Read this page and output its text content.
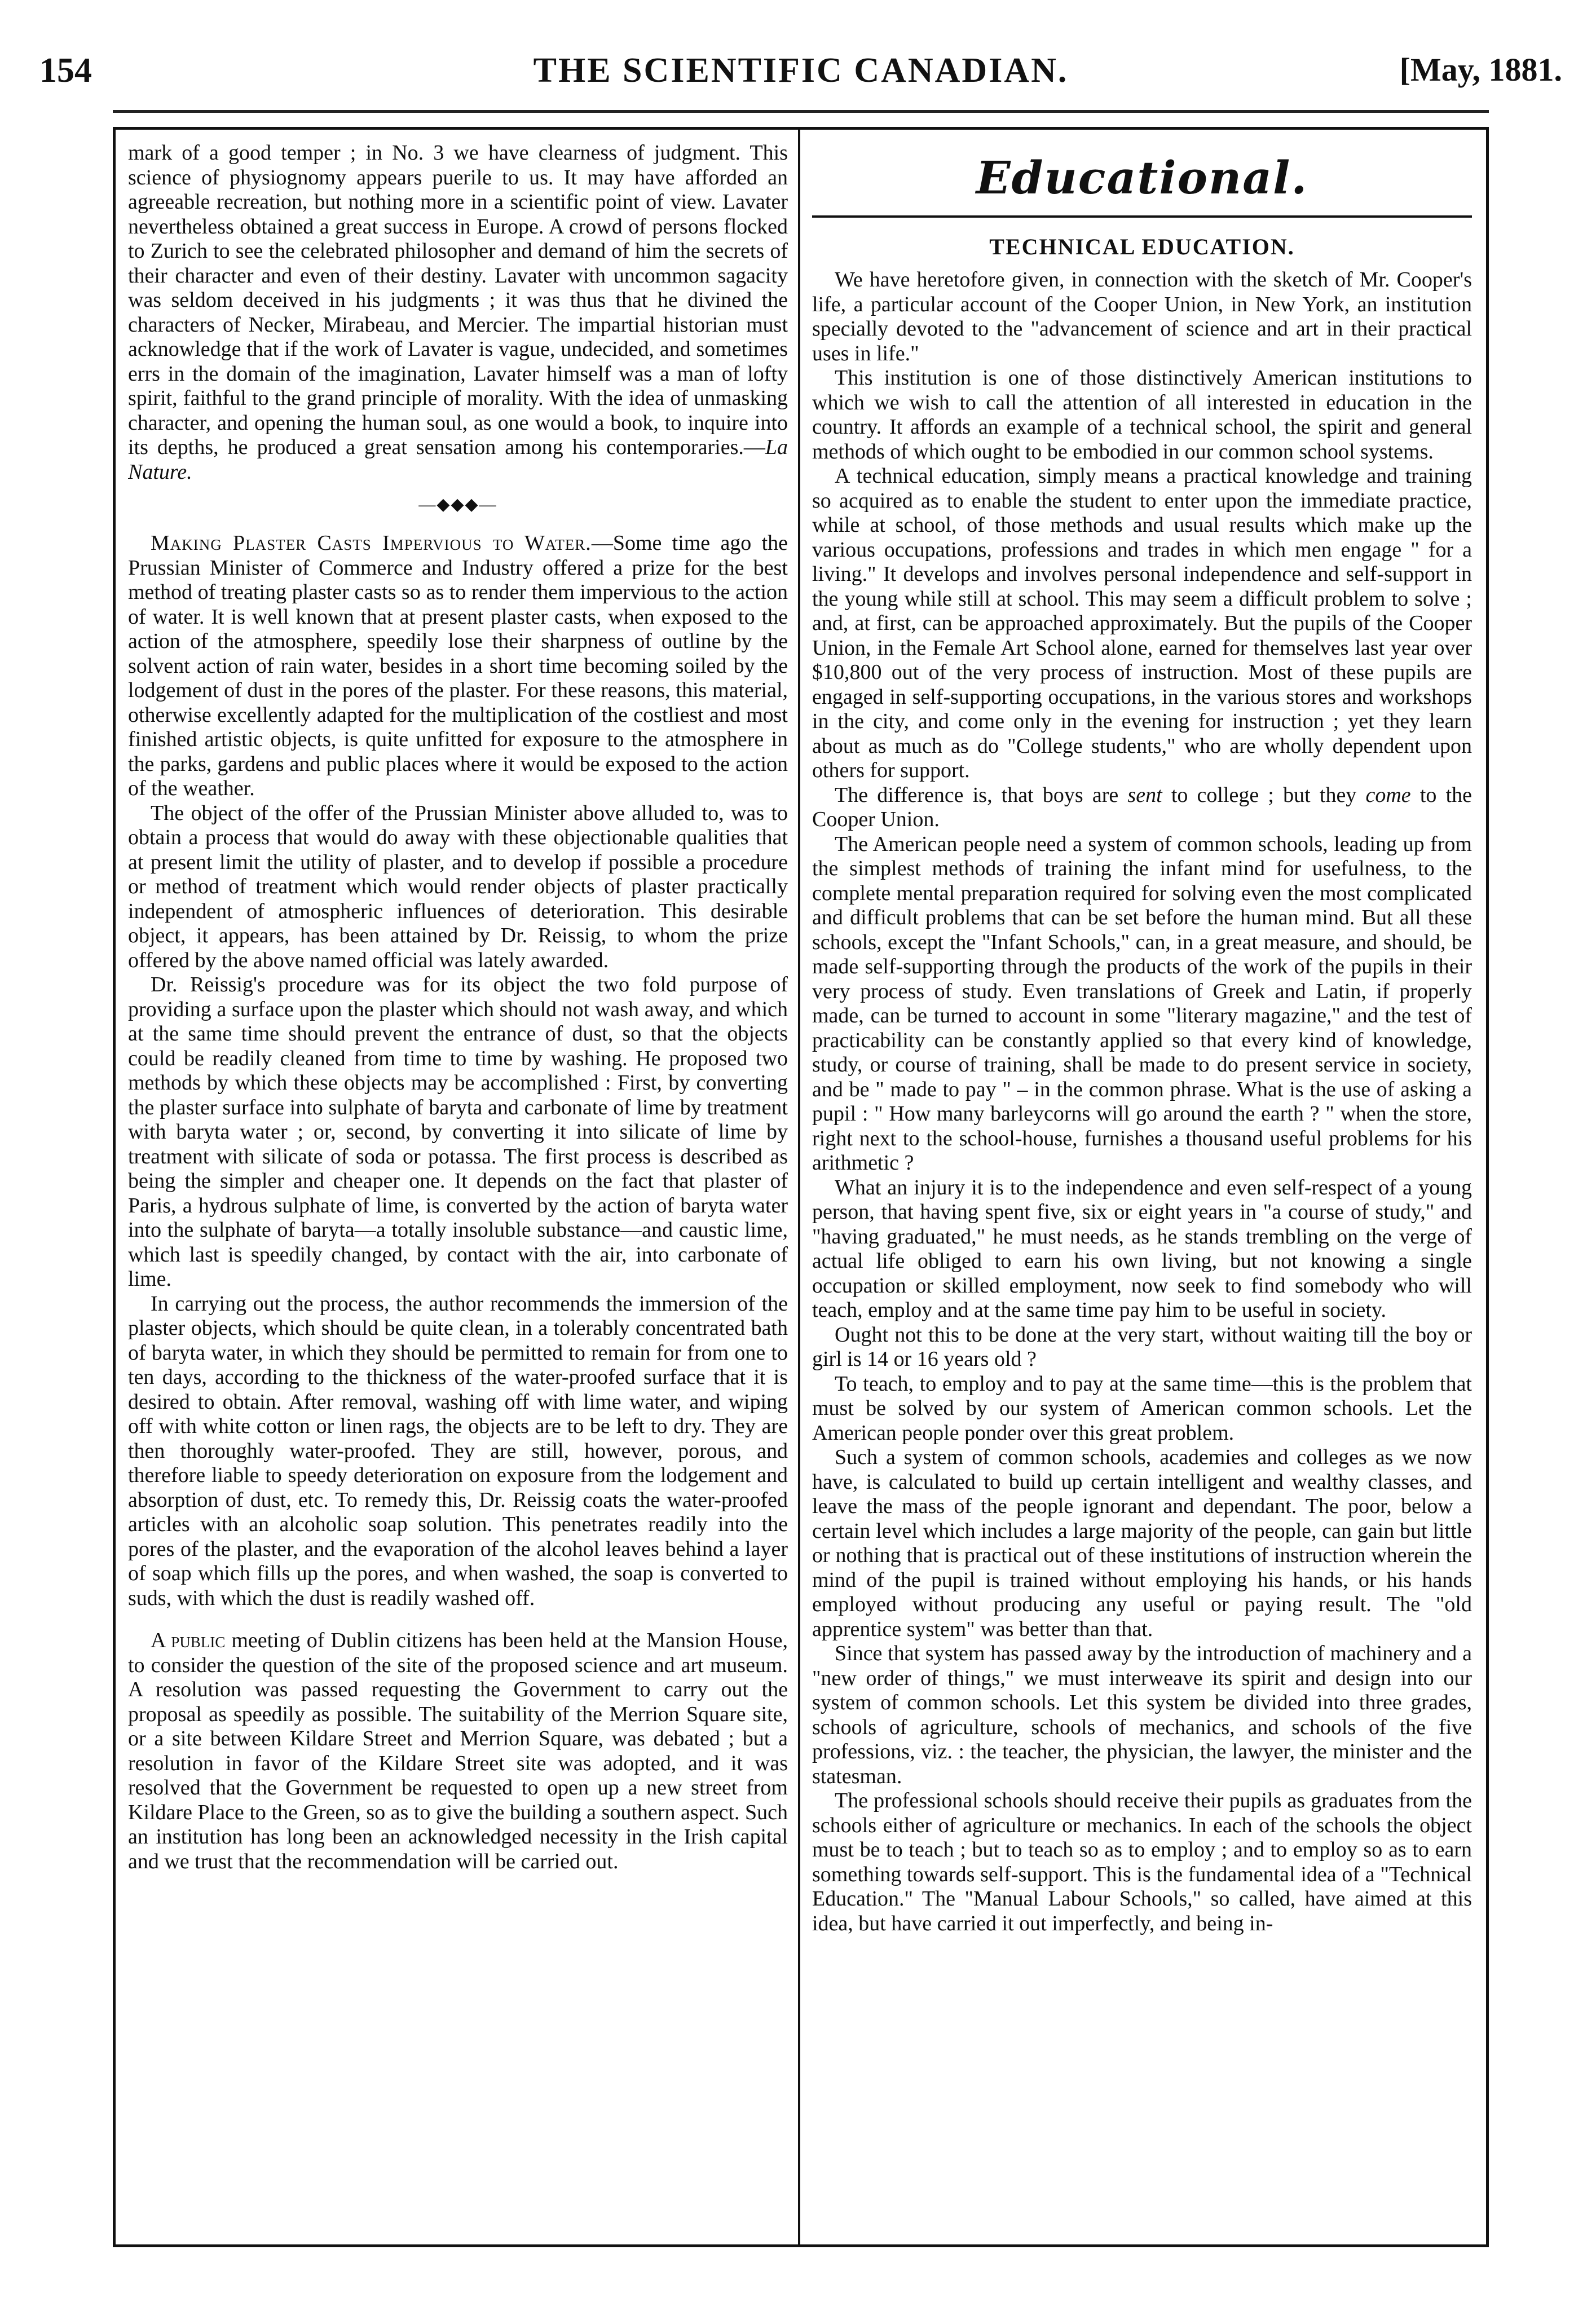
154	THE SCIENTIFIC CANADIAN.	[May, 1881.

mark of a good temper ; in No. 3 we have clearness of judgment. This science of physiognomy appears puerile to us. It may have afforded an agreeable recreation, but nothing more in a scientific point of view. Lavater nevertheless obtained a great success in Europe. A crowd of persons flocked to Zurich to see the celebrated philosopher and demand of him the secrets of their character and even of their destiny. Lavater with uncommon sagacity was seldom deceived in his judgments ; it was thus that he divined the characters of Necker, Mirabeau, and Mercier. The impartial historian must acknowledge that if the work of Lavater is vague, undecided, and sometimes errs in the domain of the imagination, Lavater himself was a man of lofty spirit, faithful to the grand principle of morality. With the idea of unmasking character, and opening the human soul, as one would a book, to inquire into its depths, he produced a great sensation among his contemporaries.—La Nature.

—◆◆◆—

Making Plaster Casts Impervious to Water.—Some time ago the Prussian Minister of Commerce and Industry offered a prize for the best method of treating plaster casts so as to render them impervious to the action of water. It is well known that at present plaster casts, when exposed to the action of the atmosphere, speedily lose their sharpness of outline by the solvent action of rain water, besides in a short time becoming soiled by the lodgement of dust in the pores of the plaster. For these reasons, this material, otherwise excellently adapted for the multiplication of the costliest and most finished artistic objects, is quite unfitted for exposure to the atmosphere in the parks, gardens and public places where it would be exposed to the action of the weather.

The object of the offer of the Prussian Minister above alluded to, was to obtain a process that would do away with these objectionable qualities that at present limit the utility of plaster, and to develop if possible a procedure or method of treatment which would render objects of plaster practically independent of atmospheric influences of deterioration. This desirable object, it appears, has been attained by Dr. Reissig, to whom the prize offered by the above named official was lately awarded.

Dr. Reissig's procedure was for its object the two fold purpose of providing a surface upon the plaster which should not wash away, and which at the same time should prevent the entrance of dust, so that the objects could be readily cleaned from time to time by washing. He proposed two methods by which these objects may be accomplished : First, by converting the plaster surface into sulphate of baryta and carbonate of lime by treatment with baryta water ; or, second, by converting it into silicate of lime by treatment with silicate of soda or potassa. The first process is described as being the simpler and cheaper one. It depends on the fact that plaster of Paris, a hydrous sulphate of lime, is converted by the action of baryta water into the sulphate of baryta—a totally insoluble substance—and caustic lime, which last is speedily changed, by contact with the air, into carbonate of lime.

In carrying out the process, the author recommends the immersion of the plaster objects, which should be quite clean, in a tolerably concentrated bath of baryta water, in which they should be permitted to remain for from one to ten days, according to the thickness of the water-proofed surface that it is desired to obtain. After removal, washing off with lime water, and wiping off with white cotton or linen rags, the objects are to be left to dry. They are then thoroughly water-proofed. They are still, however, porous, and therefore liable to speedy deterioration on exposure from the lodgement and absorption of dust, etc. To remedy this, Dr. Reissig coats the water-proofed articles with an alcoholic soap solution. This penetrates readily into the pores of the plaster, and the evaporation of the alcohol leaves behind a layer of soap which fills up the pores, and when washed, the soap is converted to suds, with which the dust is readily washed off.

A public meeting of Dublin citizens has been held at the Mansion House, to consider the question of the site of the proposed science and art museum. A resolution was passed requesting the Government to carry out the proposal as speedily as possible. The suitability of the Merrion Square site, or a site between Kildare Street and Merrion Square, was debated ; but a resolution in favor of the Kildare Street site was adopted, and it was resolved that the Government be requested to open up a new street from Kildare Place to the Green, so as to give the building a southern aspect. Such an institution has long been an acknowledged necessity in the Irish capital and we trust that the recommendation will be carried out.

Educational.
TECHNICAL EDUCATION.

We have heretofore given, in connection with the sketch of Mr. Cooper's life, a particular account of the Cooper Union, in New York, an institution specially devoted to the "advancement of science and art in their practical uses in life."

This institution is one of those distinctively American institutions to which we wish to call the attention of all interested in education in the country. It affords an example of a technical school, the spirit and general methods of which ought to be embodied in our common school systems.

A technical education, simply means a practical knowledge and training so acquired as to enable the student to enter upon the immediate practice, while at school, of those methods and usual results which make up the various occupations, professions and trades in which men engage " for a living." It develops and involves personal independence and self-support in the young while still at school. This may seem a difficult problem to solve ; and, at first, can be approached approximately. But the pupils of the Cooper Union, in the Female Art School alone, earned for themselves last year over $10,800 out of the very process of instruction. Most of these pupils are engaged in self-supporting occupations, in the various stores and workshops in the city, and come only in the evening for instruction ; yet they learn about as much as do "College students," who are wholly dependent upon others for support.

The difference is, that boys are sent to college ; but they come to the Cooper Union.

The American people need a system of common schools, leading up from the simplest methods of training the infant mind for usefulness, to the complete mental preparation required for solving even the most complicated and difficult problems that can be set before the human mind. But all these schools, except the "Infant Schools," can, in a great measure, and should, be made self-supporting through the products of the work of the pupils in their very process of study. Even translations of Greek and Latin, if properly made, can be turned to account in some "literary magazine," and the test of practicability can be constantly applied so that every kind of knowledge, study, or course of training, shall be made to do present service in society, and be " made to pay " – in the common phrase. What is the use of asking a pupil : " How many barleycorns will go around the earth ? " when the store, right next to the school-house, furnishes a thousand useful problems for his arithmetic ?

What an injury it is to the independence and even self-respect of a young person, that having spent five, six or eight years in "a course of study," and "having graduated," he must needs, as he stands trembling on the verge of actual life obliged to earn his own living, but not knowing a single occupation or skilled employment, now seek to find somebody who will teach, employ and at the same time pay him to be useful in society.

Ought not this to be done at the very start, without waiting till the boy or girl is 14 or 16 years old ?

To teach, to employ and to pay at the same time—this is the problem that must be solved by our system of American common schools. Let the American people ponder over this great problem.

Such a system of common schools, academies and colleges as we now have, is calculated to build up certain intelligent and wealthy classes, and leave the mass of the people ignorant and dependant. The poor, below a certain level which includes a large majority of the people, can gain but little or nothing that is practical out of these institutions of instruction wherein the mind of the pupil is trained without employing his hands, or his hands employed without producing any useful or paying result. The "old apprentice system" was better than that.

Since that system has passed away by the introduction of machinery and a "new order of things," we must interweave its spirit and design into our system of common schools. Let this system be divided into three grades, schools of agriculture, schools of mechanics, and schools of the five professions, viz. : the teacher, the physician, the lawyer, the minister and the statesman.

The professional schools should receive their pupils as graduates from the schools either of agriculture or mechanics. In each of the schools the object must be to teach ; but to teach so as to employ ; and to employ so as to earn something towards self-support. This is the fundamental idea of a "Technical Education." The "Manual Labour Schools," so called, have aimed at this idea, but have carried it out imperfectly, and being in-
